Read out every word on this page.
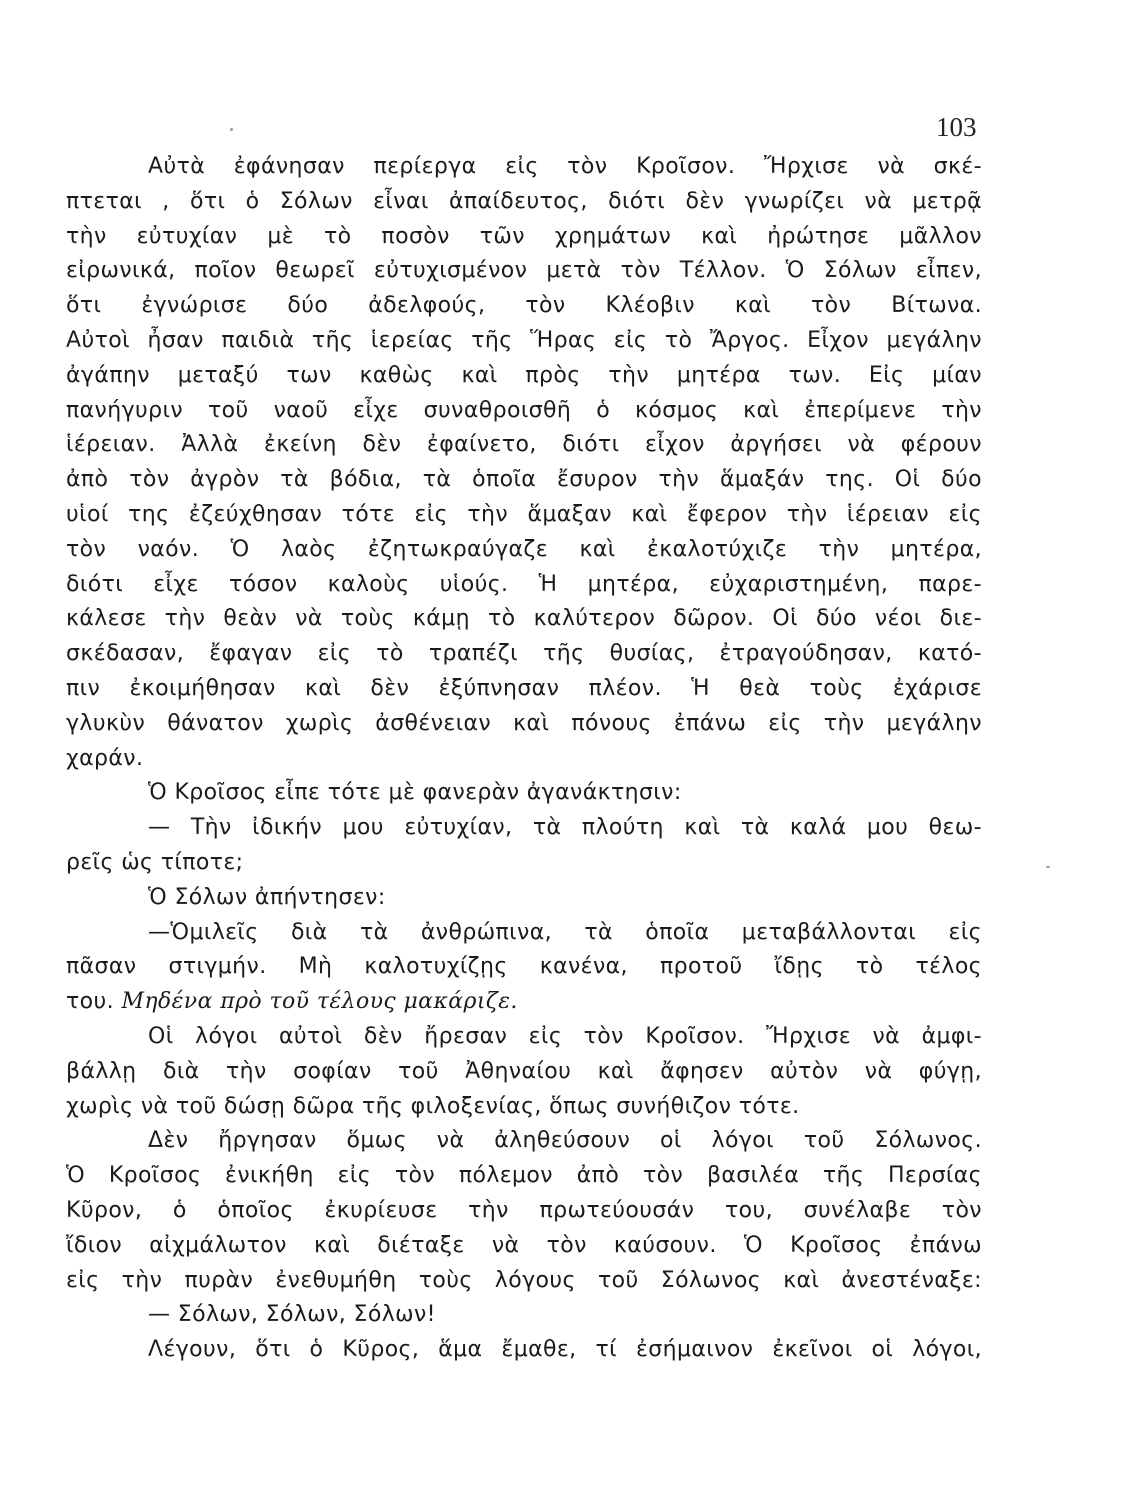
103
Αὐτὰ ἐφάνησαν περίεργα εἰς τὸν Κροῖσον. Ἤρχισε νὰ σκέ-
πτεται , ὅτι ὁ Σόλων εἶναι ἀπαίδευτος, διότι δὲν γνωρίζει νὰ μετρᾷ
τὴν εὐτυχίαν μὲ τὸ ποσὸν τῶν χρημάτων καὶ ἠρώτησε μᾶλλον
εἰρωνικά, ποῖον θεωρεῖ εὐτυχισμένον μετὰ τὸν Τέλλον. Ὁ Σόλων εἶπεν,
ὅτι ἐγνώρισε δύο ἀδελφούς, τὸν Κλέοβιν καὶ τὸν Βίτωνα.
Αὐτοὶ ἦσαν παιδιὰ τῆς ἱερείας τῆς Ἥρας εἰς τὸ Ἄργος. Εἶχον μεγάλην
ἀγάπην μεταξύ των καθὼς καὶ πρὸς τὴν μητέρα των. Εἰς μίαν
πανήγυριν τοῦ ναοῦ εἶχε συναθροισθῆ ὁ κόσμος καὶ ἐπερίμενε τὴν
ἱέρειαν. Ἀλλὰ ἐκείνη δὲν ἐφαίνετο, διότι εἶχον ἀργήσει νὰ φέρουν
ἀπὸ τὸν ἀγρὸν τὰ βόδια, τὰ ὁποῖα ἔσυρον τὴν ἅμαξάν της. Οἱ δύο
υἱοί της ἐζεύχθησαν τότε εἰς τὴν ἅμαξαν καὶ ἔφερον τὴν ἱέρειαν εἰς
τὸν ναόν. Ὁ λαὸς ἐζητωκραύγαζε καὶ ἐκαλοτύχιζε τὴν μητέρα,
διότι εἶχε τόσον καλοὺς υἱούς. Ἡ μητέρα, εὐχαριστημένη, παρε-
κάλεσε τὴν θεὰν νὰ τοὺς κάμῃ τὸ καλύτερον δῶρον. Οἱ δύο νέοι διε-
σκέδασαν, ἔφαγαν εἰς τὸ τραπέζι τῆς θυσίας, ἐτραγούδησαν, κατό-
πιν ἐκοιμήθησαν καὶ δὲν ἐξύπνησαν πλέον. Ἡ θεὰ τοὺς ἐχάρισε
γλυκὺν θάνατον χωρὶς ἀσθένειαν καὶ πόνους ἐπάνω εἰς τὴν μεγάλην
χαράν.
Ὁ Κροῖσος εἶπε τότε μὲ φανερὰν ἀγανάκτησιν:
— Τὴν ἰδικήν μου εὐτυχίαν, τὰ πλούτη καὶ τὰ καλά μου θεω-
ρεῖς ὡς τίποτε;
Ὁ Σόλων ἀπήντησεν:
—Ὁμιλεῖς διὰ τὰ ἀνθρώπινα, τὰ ὁποῖα μεταβάλλονται εἰς
πᾶσαν στιγμήν. Μὴ καλοτυχίζῃς κανένα, προτοῦ ἴδῃς τὸ τέλος
του. Μηδένα πρὸ τοῦ τέλους μακάριζε.
Οἱ λόγοι αὐτοὶ δὲν ἤρεσαν εἰς τὸν Κροῖσον. Ἤρχισε νὰ ἀμφι-
βάλλῃ διὰ τὴν σοφίαν τοῦ Ἀθηναίου καὶ ἄφησεν αὐτὸν νὰ φύγῃ,
χωρὶς νὰ τοῦ δώσῃ δῶρα τῆς φιλοξενίας, ὅπως συνήθιζον τότε.
Δὲν ἤργησαν ὅμως νὰ ἀληθεύσουν οἱ λόγοι τοῦ Σόλωνος.
Ὁ Κροῖσος ἐνικήθη εἰς τὸν πόλεμον ἀπὸ τὸν βασιλέα τῆς Περσίας
Κῦρον, ὁ ὁποῖος ἐκυρίευσε τὴν πρωτεύουσάν του, συνέλαβε τὸν
ἴδιον αἰχμάλωτον καὶ διέταξε νὰ τὸν καύσουν. Ὁ Κροῖσος ἐπάνω
εἰς τὴν πυρὰν ἐνεθυμήθη τοὺς λόγους τοῦ Σόλωνος καὶ ἀνεστέναξε:
— Σόλων, Σόλων, Σόλων!
Λέγουν, ὅτι ὁ Κῦρος, ἅμα ἔμαθε, τί ἐσήμαινον ἐκεῖνοι οἱ λόγοι,
